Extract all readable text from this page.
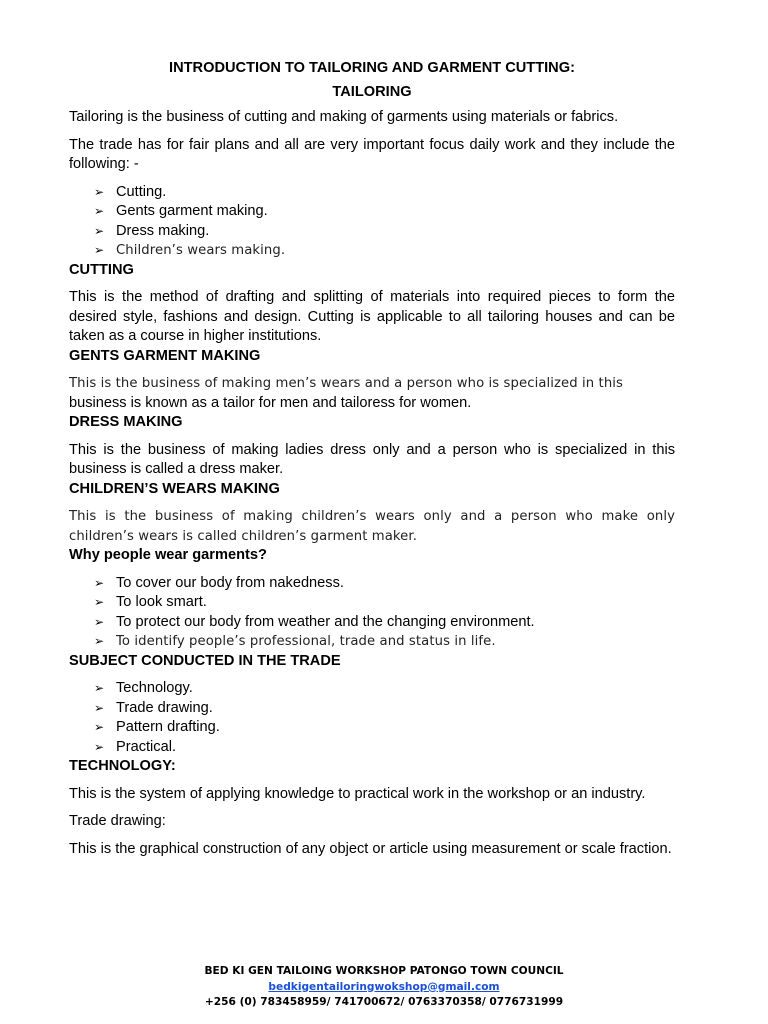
INTRODUCTION TO TAILORING AND GARMENT CUTTING:

TAILORING

Tailoring is the business of cutting and making of garments using materials or fabrics.

The trade has for fair plans and all are very important focus daily work and they include the following: -

➢ Cutting.
➢ Gents garment making.
➢ Dress making.
➢ Children’s wears making.

CUTTING

This is the method of drafting and splitting of materials into required pieces to form the desired style, fashions and design. Cutting is applicable to all tailoring houses and can be taken as a course in higher institutions.

GENTS GARMENT MAKING

This is the business of making men’s wears and a person who is specialized in this

business is known as a tailor for men and tailoress for women.

DRESS MAKING

This is the business of making ladies dress only and a person who is specialized in this business is called a dress maker.

CHILDREN’S WEARS MAKING

This is the business of making children’s wears only and a person who make only children’s wears is called children’s garment maker.

Why people wear garments?

➢ To cover our body from nakedness.
➢ To look smart.
➢ To protect our body from weather and the changing environment.
➢ To identify people’s professional, trade and status in life.

SUBJECT CONDUCTED IN THE TRADE

➢ Technology.
➢ Trade drawing.
➢ Pattern drafting.
➢ Practical.

TECHNOLOGY:

This is the system of applying knowledge to practical work in the workshop or an industry.

Trade drawing:

This is the graphical construction of any object or article using measurement or scale fraction.

BED KI GEN TAILOING WORKSHOP PATONGO TOWN COUNCIL
bedkigentailoringwokshop@gmail.com
+256 (0) 783458959/ 741700672/ 0763370358/ 0776731999
